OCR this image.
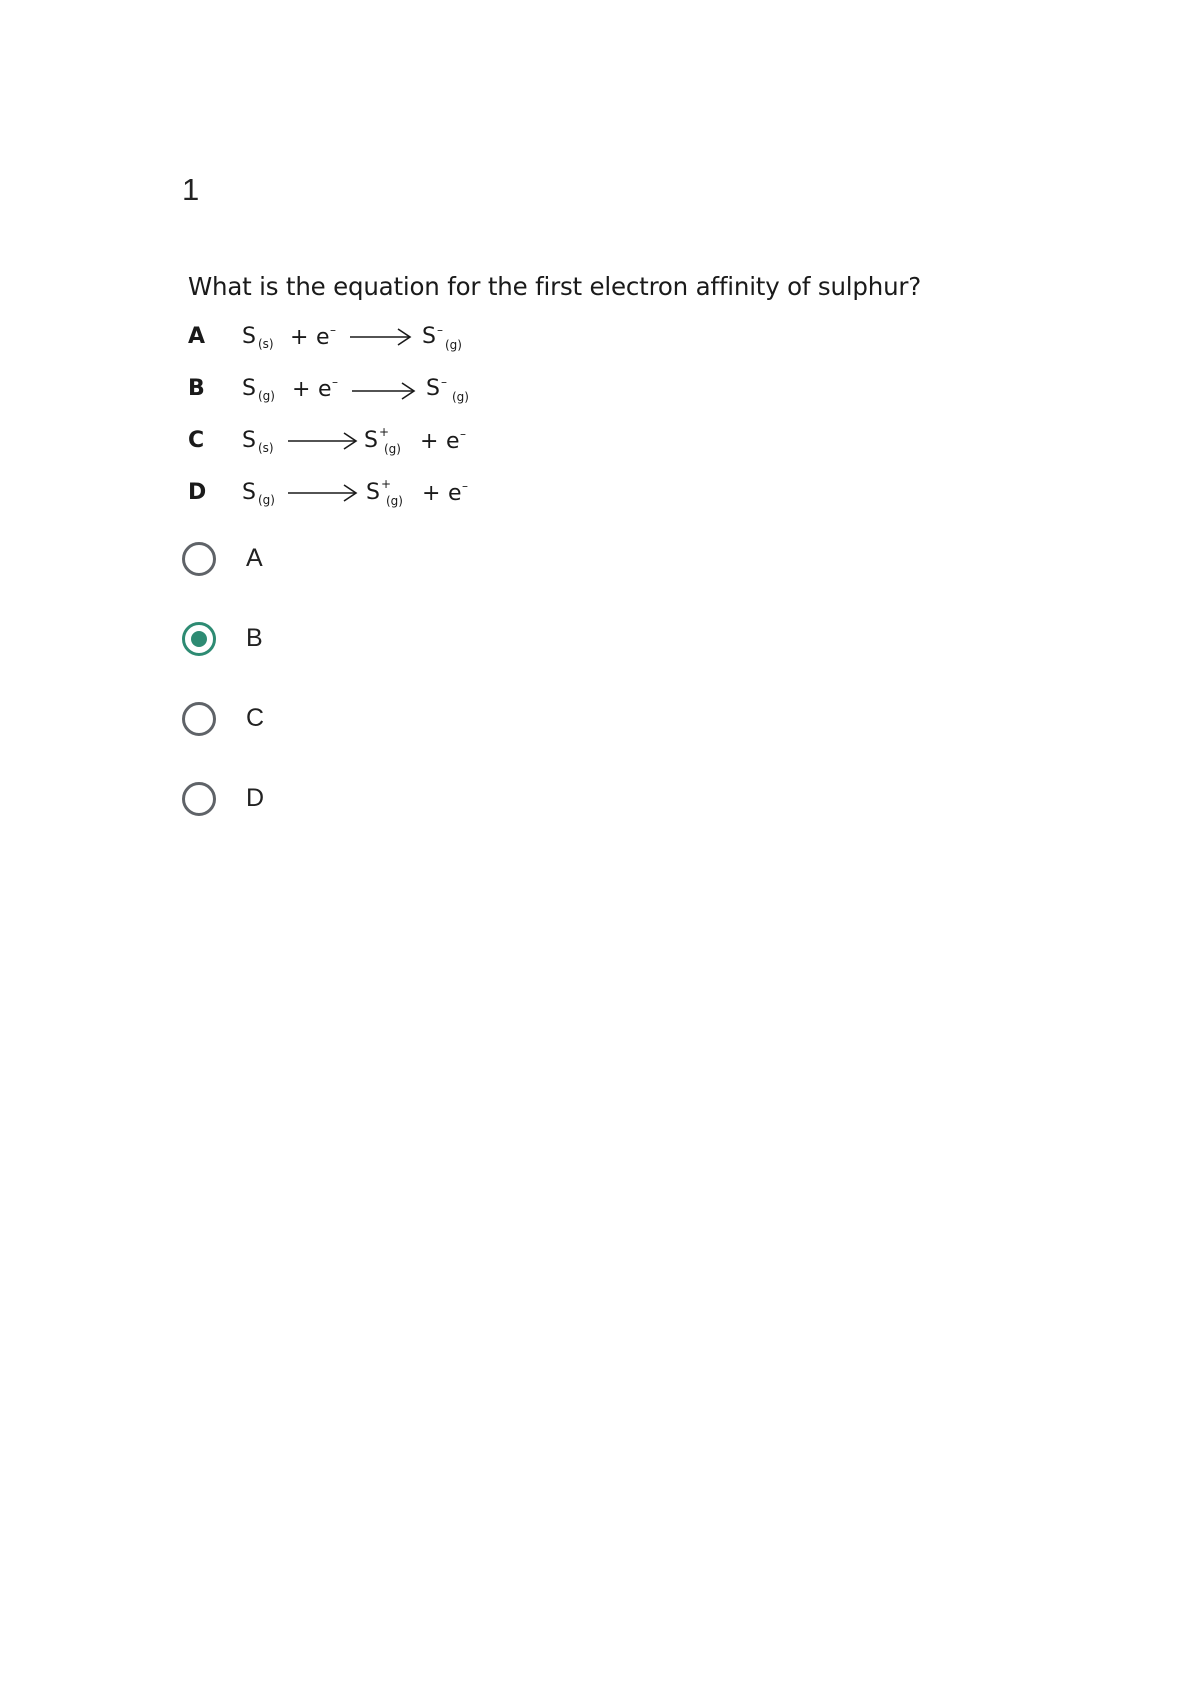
1
What is the equation for the first electron affinity of sulphur?
A S (s) + e –	S –
(g)
B S (g) + e –	S –
(g)
C S (s)	S +
(g) + e –
D S (g)	S +
(g) + e –
A
B
C
D
